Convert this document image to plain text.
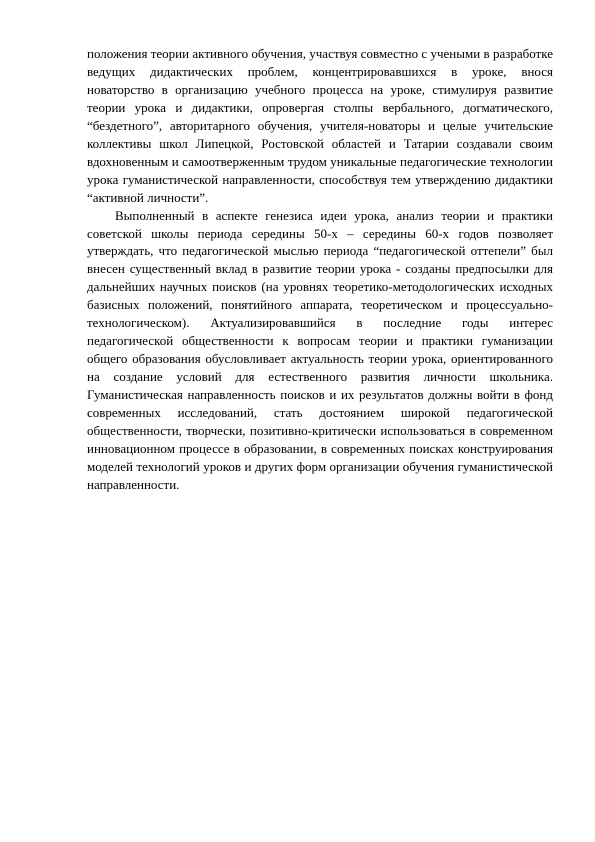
положения теории активного обучения, участвуя совместно с учеными в разработке ведущих дидактических проблем, концентрировавшихся в уроке, внося новаторство в организацию учебного процесса на уроке, стимулируя развитие теории урока и дидактики, опровергая столпы вербального, догматического, “бездетного”, авторитарного обучения, учителя-новаторы и целые учительские коллективы школ Липецкой, Ростовской областей и Татарии создавали своим вдохновенным и самоотверженным трудом уникальные педагогические технологии урока гуманистической направленности, способствуя тем утверждению дидактики “активной личности”.

Выполненный в аспекте генезиса идеи урока, анализ теории и практики советской школы периода середины 50-х – середины 60-х годов позволяет утверждать, что педагогической мыслью периода “педагогической оттепели” был внесен существенный вклад в развитие теории урока - созданы предпосылки для дальнейших научных поисков (на уровнях теоретико-методологических исходных базисных положений, понятийного аппарата, теоретическом и процессуально- технологическом). Актуализировавшийся в последние годы интерес педагогической общественности к вопросам теории и практики гуманизации общего образования обусловливает актуальность теории урока, ориентированного на создание условий для естественного развития личности школьника. Гуманистическая направленность поисков и их результатов должны войти в фонд современных исследований, стать достоянием широкой педагогической общественности, творчески, позитивно-критически использоваться в современном инновационном процессе в образовании, в современных поисках конструирования моделей технологий уроков и других форм организации обучения гуманистической направленности.
